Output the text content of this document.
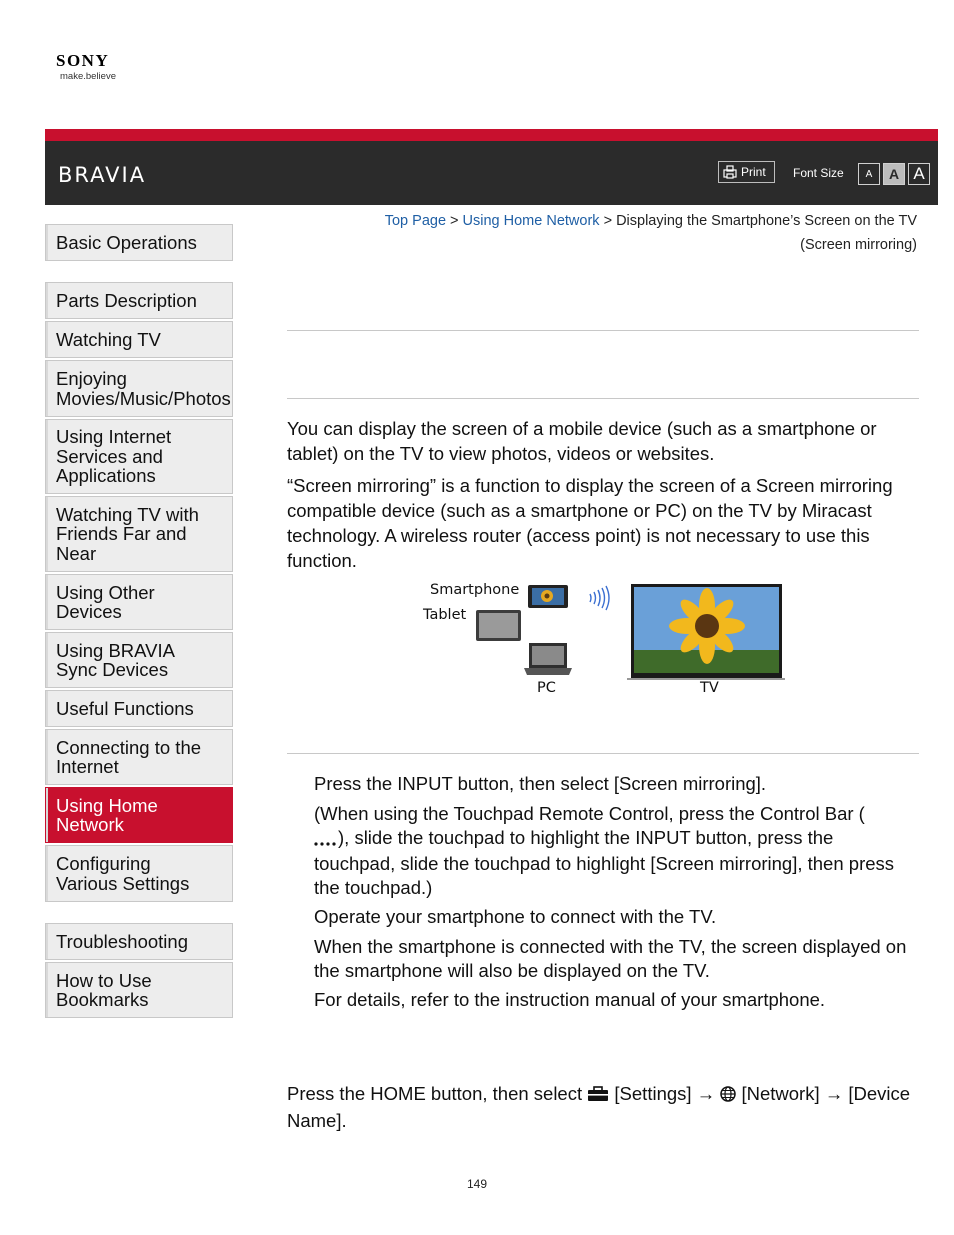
SONY
make.believe
BRAVIA	Print Font Size	A	A A
Top Page > Using Home Network > Displaying the Smartphone’s Screen on the TV
(Screen mirroring)
Basic Operations
Parts Description
Watching TV
Enjoying Movies/Music/Photos
Using Internet Services and Applications
Watching TV with Friends Far and Near
Using Other Devices
Using BRAVIA Sync Devices
Useful Functions
Connecting to the Internet
Using Home Network
Configuring Various Settings
Troubleshooting
How to Use Bookmarks
You can display the screen of a mobile device (such as a smartphone or tablet) on the TV to view photos, videos or websites.
“Screen mirroring” is a function to display the screen of a Screen mirroring compatible device (such as a smartphone or PC) on the TV by Miracast technology. A wireless router (access point) is not necessary to use this function.
Smartphone
Tablet
PC	TV
Press the INPUT button, then select [Screen mirroring].
(When using the Touchpad Remote Control, press the Control Bar (
), slide the touchpad to highlight the INPUT button, press the touchpad, slide the touchpad to highlight [Screen mirroring], then press the touchpad.)
Operate your smartphone to connect with the TV.
When the smartphone is connected with the TV, the screen displayed on the smartphone will also be displayed on the TV.
For details, refer to the instruction manual of your smartphone.
Press the HOME button, then select [Settings] → [Network] → [Device Name].
149
